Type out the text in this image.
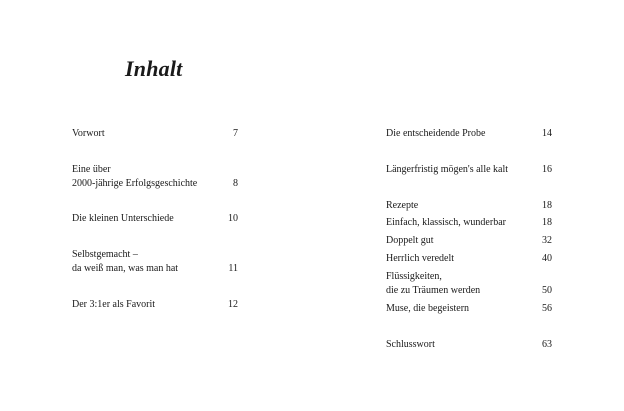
Inhalt
Vorwort	7
Eine über
2000-jährige Erfolgsgeschichte	8
Die kleinen Unterschiede	10
Selbstgemacht –
da weiß man, was man hat	11
Der 3:1er als Favorit	12
Die entscheidende Probe	14
Längerfristig mögen's alle kalt	16
Rezepte	18
Einfach, klassisch, wunderbar	18
Doppelt gut	32
Herrlich veredelt	40
Flüssigkeiten,
die zu Träumen werden	50
Muse, die begeistern	56
Schlusswort	63
